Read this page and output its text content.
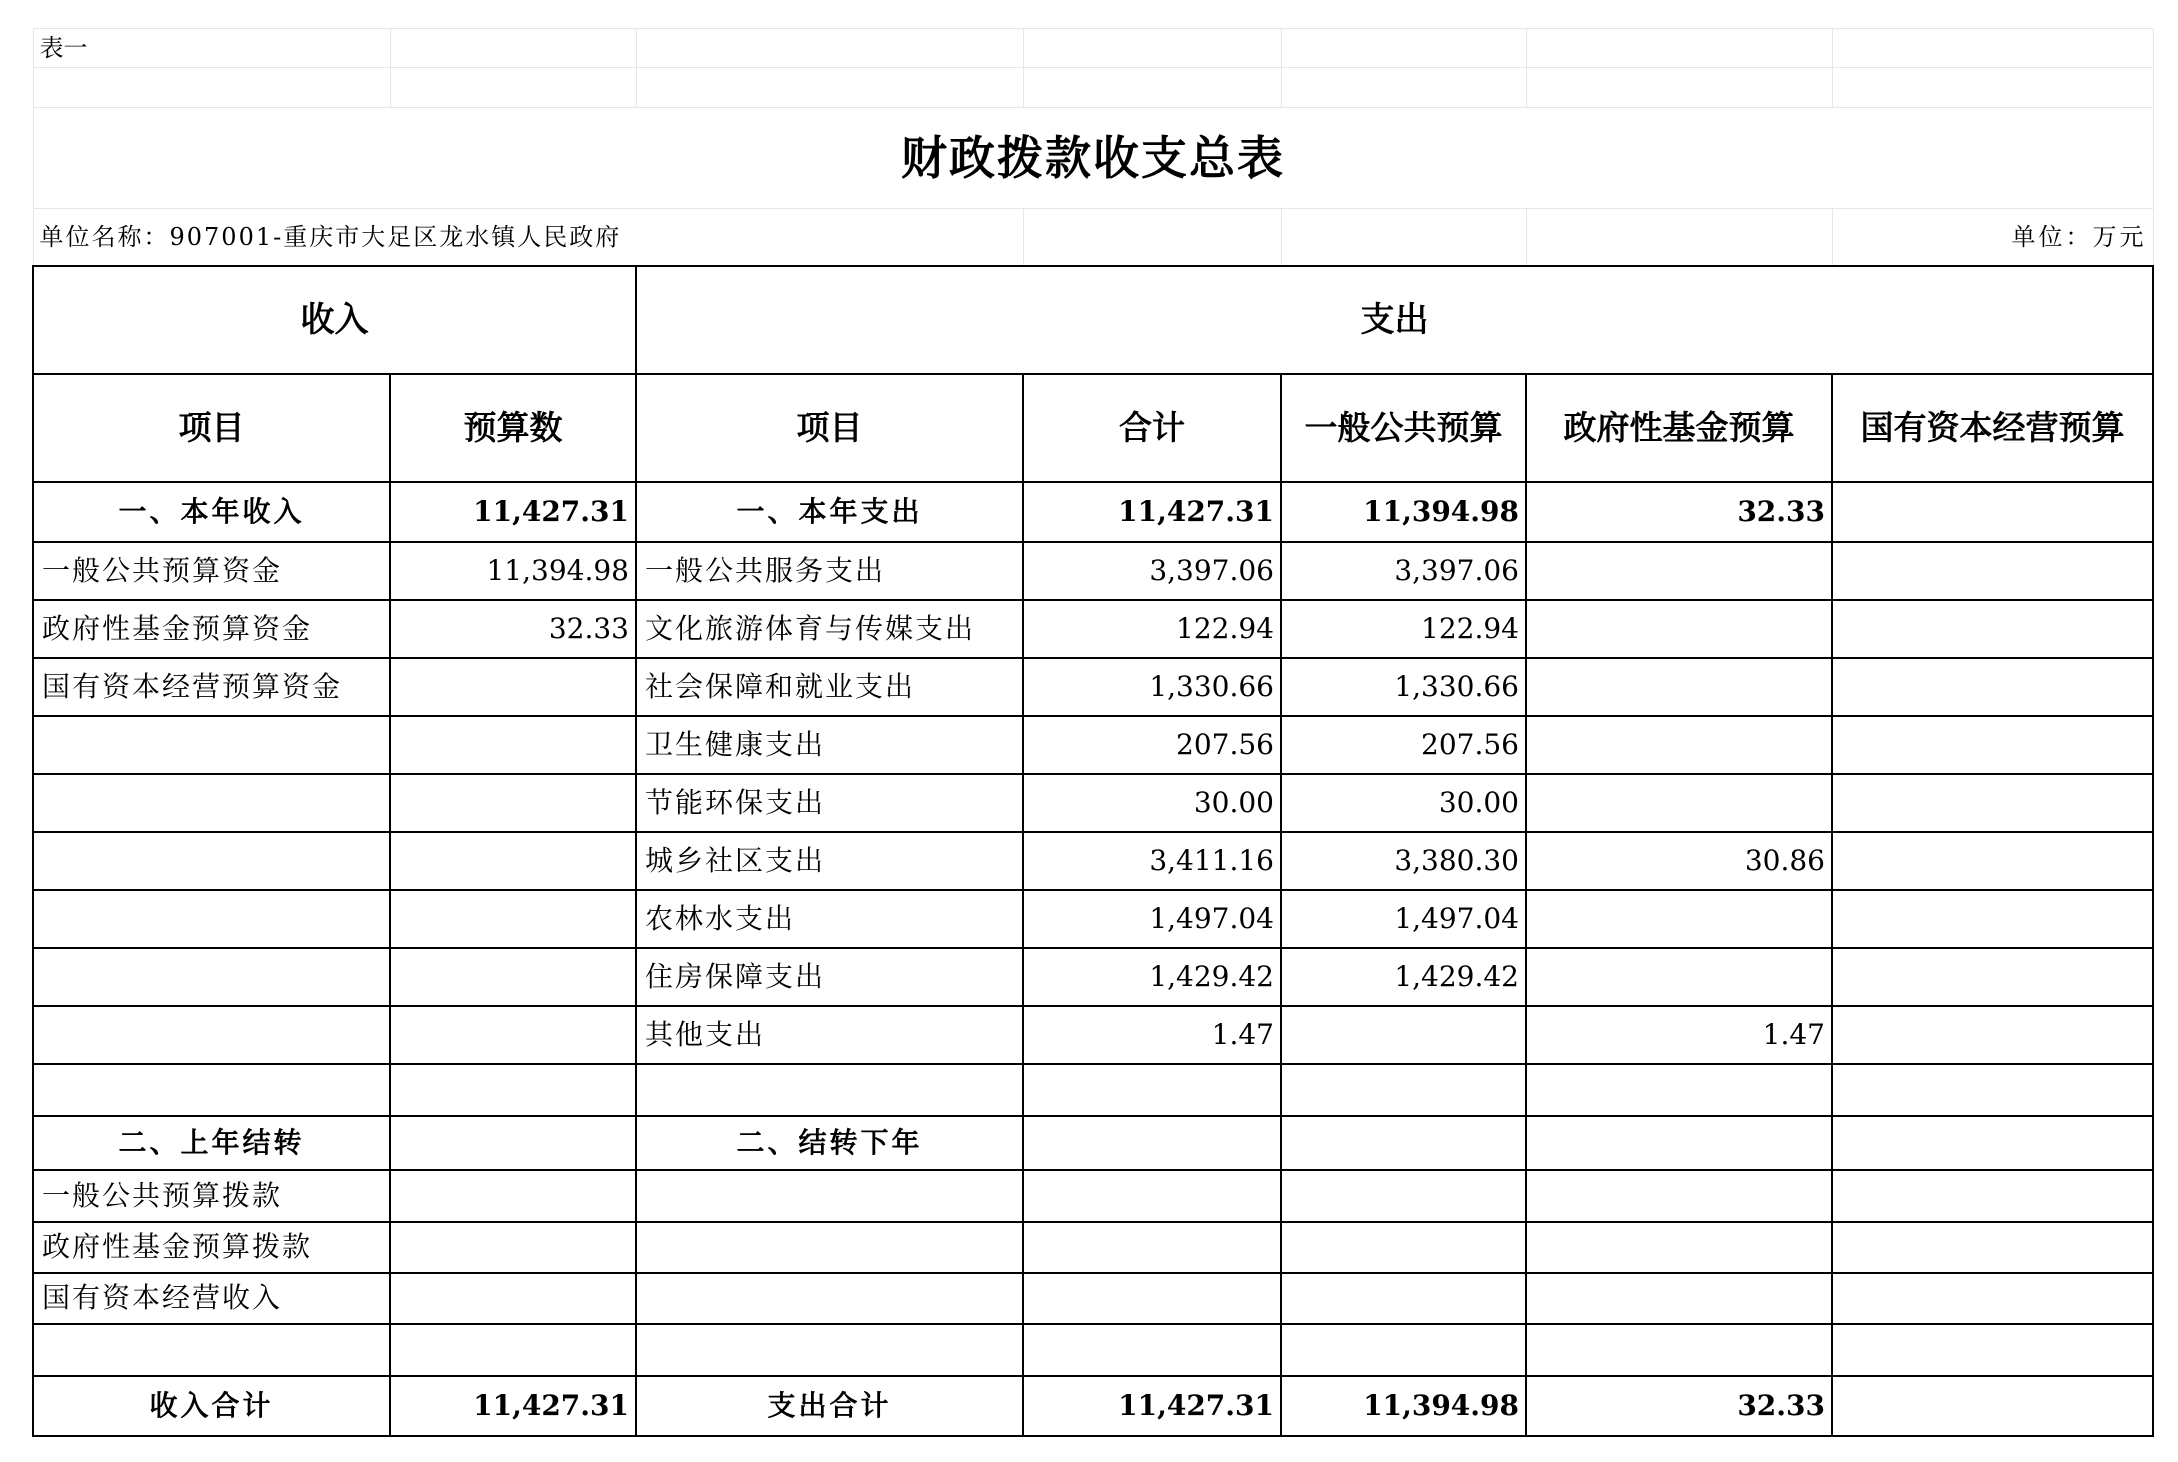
表一						

财政拨款收支总表						
单位名称：907001-重庆市大足区龙水镇人民政府						单位：万元
收入		支出				
项目	预算数	项目	合计	一般公共预算	政府性基金预算	国有资本经营预算
一、本年收入	11,427.31	一、本年支出	11,427.31	11,394.98	32.33	
一般公共预算资金	11,394.98	一般公共服务支出	3,397.06	3,397.06		
政府性基金预算资金	32.33	文化旅游体育与传媒支出	122.94	122.94		
国有资本经营预算资金		社会保障和就业支出	1,330.66	1,330.66		
		卫生健康支出	207.56	207.56		
		节能环保支出	30.00	30.00		
		城乡社区支出	3,411.16	3,380.30	30.86	
		农林水支出	1,497.04	1,497.04		
		住房保障支出	1,429.42	1,429.42		
		其他支出	1.47		1.47	

二、上年结转		二、结转下年				
一般公共预算拨款						
政府性基金预算拨款						
国有资本经营收入						

收入合计	11,427.31	支出合计	11,427.31	11,394.98	32.33	
